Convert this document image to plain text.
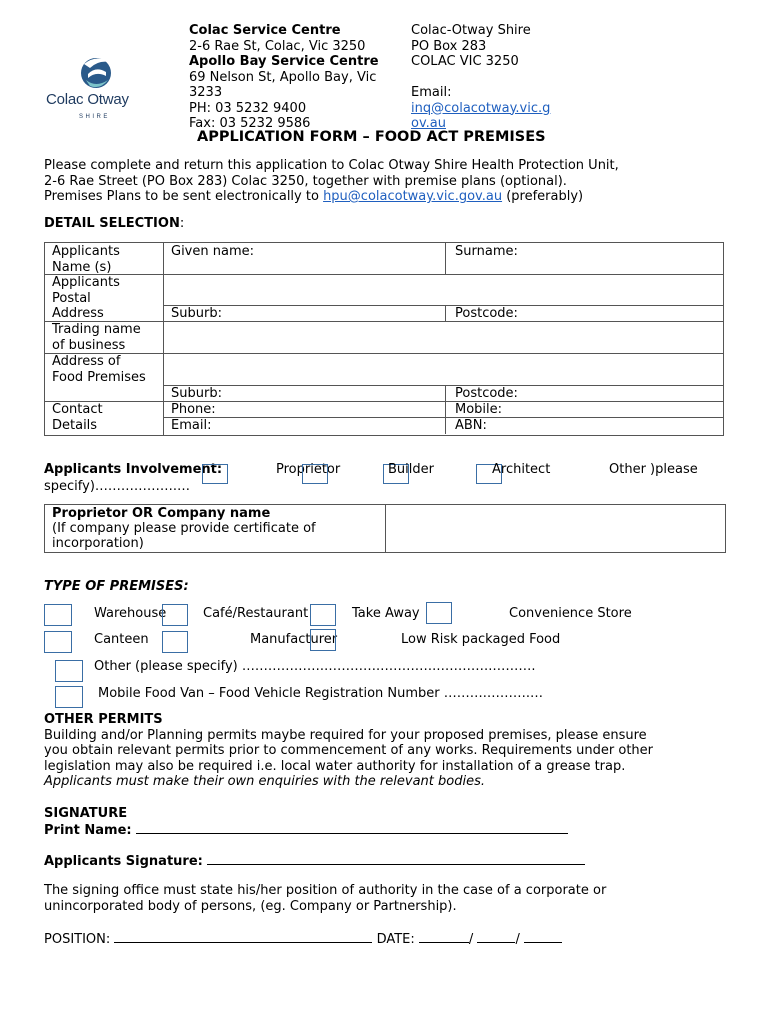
Colac Otway
SHIRE
Colac Service Centre
2-6 Rae St, Colac, Vic 3250
Apollo Bay Service Centre
69 Nelson St, Apollo Bay, Vic
3233
PH: 03 5232 9400
Fax: 03 5232 9586
Colac-Otway Shire
PO Box 283
COLAC VIC 3250

Email:
inq@colacotway.vic.g
ov.au
APPLICATION FORM – FOOD ACT PREMISES
Please complete and return this application to Colac Otway Shire Health Protection Unit,
2-6 Rae Street (PO Box 283) Colac 3250, together with premise plans (optional).
Premises Plans to be sent electronically to hpu@colacotway.vic.gov.au (preferably)
DETAIL SELECTION:
Applicants
Name (s)
Given name:	Surname:
Applicants
Postal
Address	Suburb:	Postcode:
Trading name
of business
Address of
Food Premises
Suburb:	Postcode:
Contact
Details
Phone:	Mobile:
Email:	ABN:
Applicants Involvement:	Proprietor	Builder	Architect	Other )please
specify)……………….…
Proprietor OR Company name
(If company please provide certificate of
incorporation)
TYPE OF PREMISES:
Warehouse	Café/Restaurant	Take Away	Convenience Store
Canteen	Manufacturer	Low Risk packaged Food
Other (please specify) ……………….………….………….………….……….
Mobile Food Van – Food Vehicle Registration Number ……….……….…
OTHER PERMITS
Building and/or Planning permits maybe required for your proposed premises, please ensure
you obtain relevant permits prior to commencement of any works. Requirements under other
legislation may also be required i.e. local water authority for installation of a grease trap.
Applicants must make their own enquiries with the relevant bodies.
SIGNATURE
Print Name:
Applicants Signature:
The signing office must state his/her position of authority in the case of a corporate or
unincorporated body of persons, (eg. Company or Partnership).
POSITION:	DATE:	/	/
